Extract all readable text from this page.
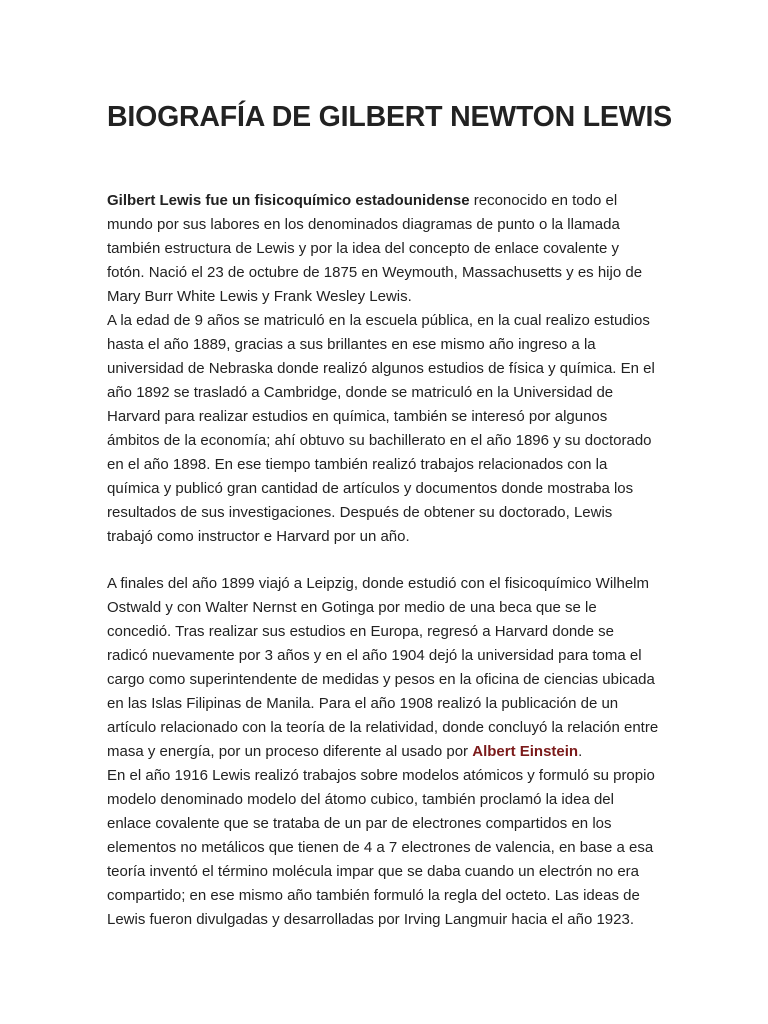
BIOGRAFÍA DE GILBERT NEWTON LEWIS
Gilbert Lewis fue un fisicoquímico estadounidense reconocido en todo el
mundo por sus labores en los denominados diagramas de punto o la llamada
también estructura de Lewis y por la idea del concepto de enlace covalente y
fotón. Nació el 23 de octubre de 1875 en Weymouth, Massachusetts y es hijo de
Mary Burr White Lewis y Frank Wesley Lewis.
A la edad de 9 años se matriculó en la escuela pública, en la cual realizo estudios
hasta el año 1889, gracias a sus brillantes en ese mismo año ingreso a la
universidad de Nebraska donde realizó algunos estudios de física y química. En el
año 1892 se trasladó a Cambridge, donde se matriculó en la Universidad de
Harvard para realizar estudios en química, también se interesó por algunos
ámbitos de la economía; ahí obtuvo su bachillerato en el año 1896 y su doctorado
en el año 1898. En ese tiempo también realizó trabajos relacionados con la
química y publicó gran cantidad de artículos y documentos donde mostraba los
resultados de sus investigaciones. Después de obtener su doctorado, Lewis
trabajó como instructor e Harvard por un año.
A finales del año 1899 viajó a Leipzig, donde estudió con el fisicoquímico Wilhelm
Ostwald y con Walter Nernst en Gotinga por medio de una beca que se le
concedió. Tras realizar sus estudios en Europa, regresó a Harvard donde se
radicó nuevamente por 3 años y en el año 1904 dejó la universidad para toma el
cargo como superintendente de medidas y pesos en la oficina de ciencias ubicada
en las Islas Filipinas de Manila. Para el año 1908 realizó la publicación de un
artículo relacionado con la teoría de la relatividad, donde concluyó la relación entre
masa y energía, por un proceso diferente al usado por Albert Einstein.
En el año 1916 Lewis realizó trabajos sobre modelos atómicos y formuló su propio
modelo denominado modelo del átomo cubico, también proclamó la idea del
enlace covalente que se trataba de un par de electrones compartidos en los
elementos no metálicos que tienen de 4 a 7 electrones de valencia, en base a esa
teoría inventó el término molécula impar que se daba cuando un electrón no era
compartido; en ese mismo año también formuló la regla del octeto. Las ideas de
Lewis fueron divulgadas y desarrolladas por Irving Langmuir hacia el año 1923.
